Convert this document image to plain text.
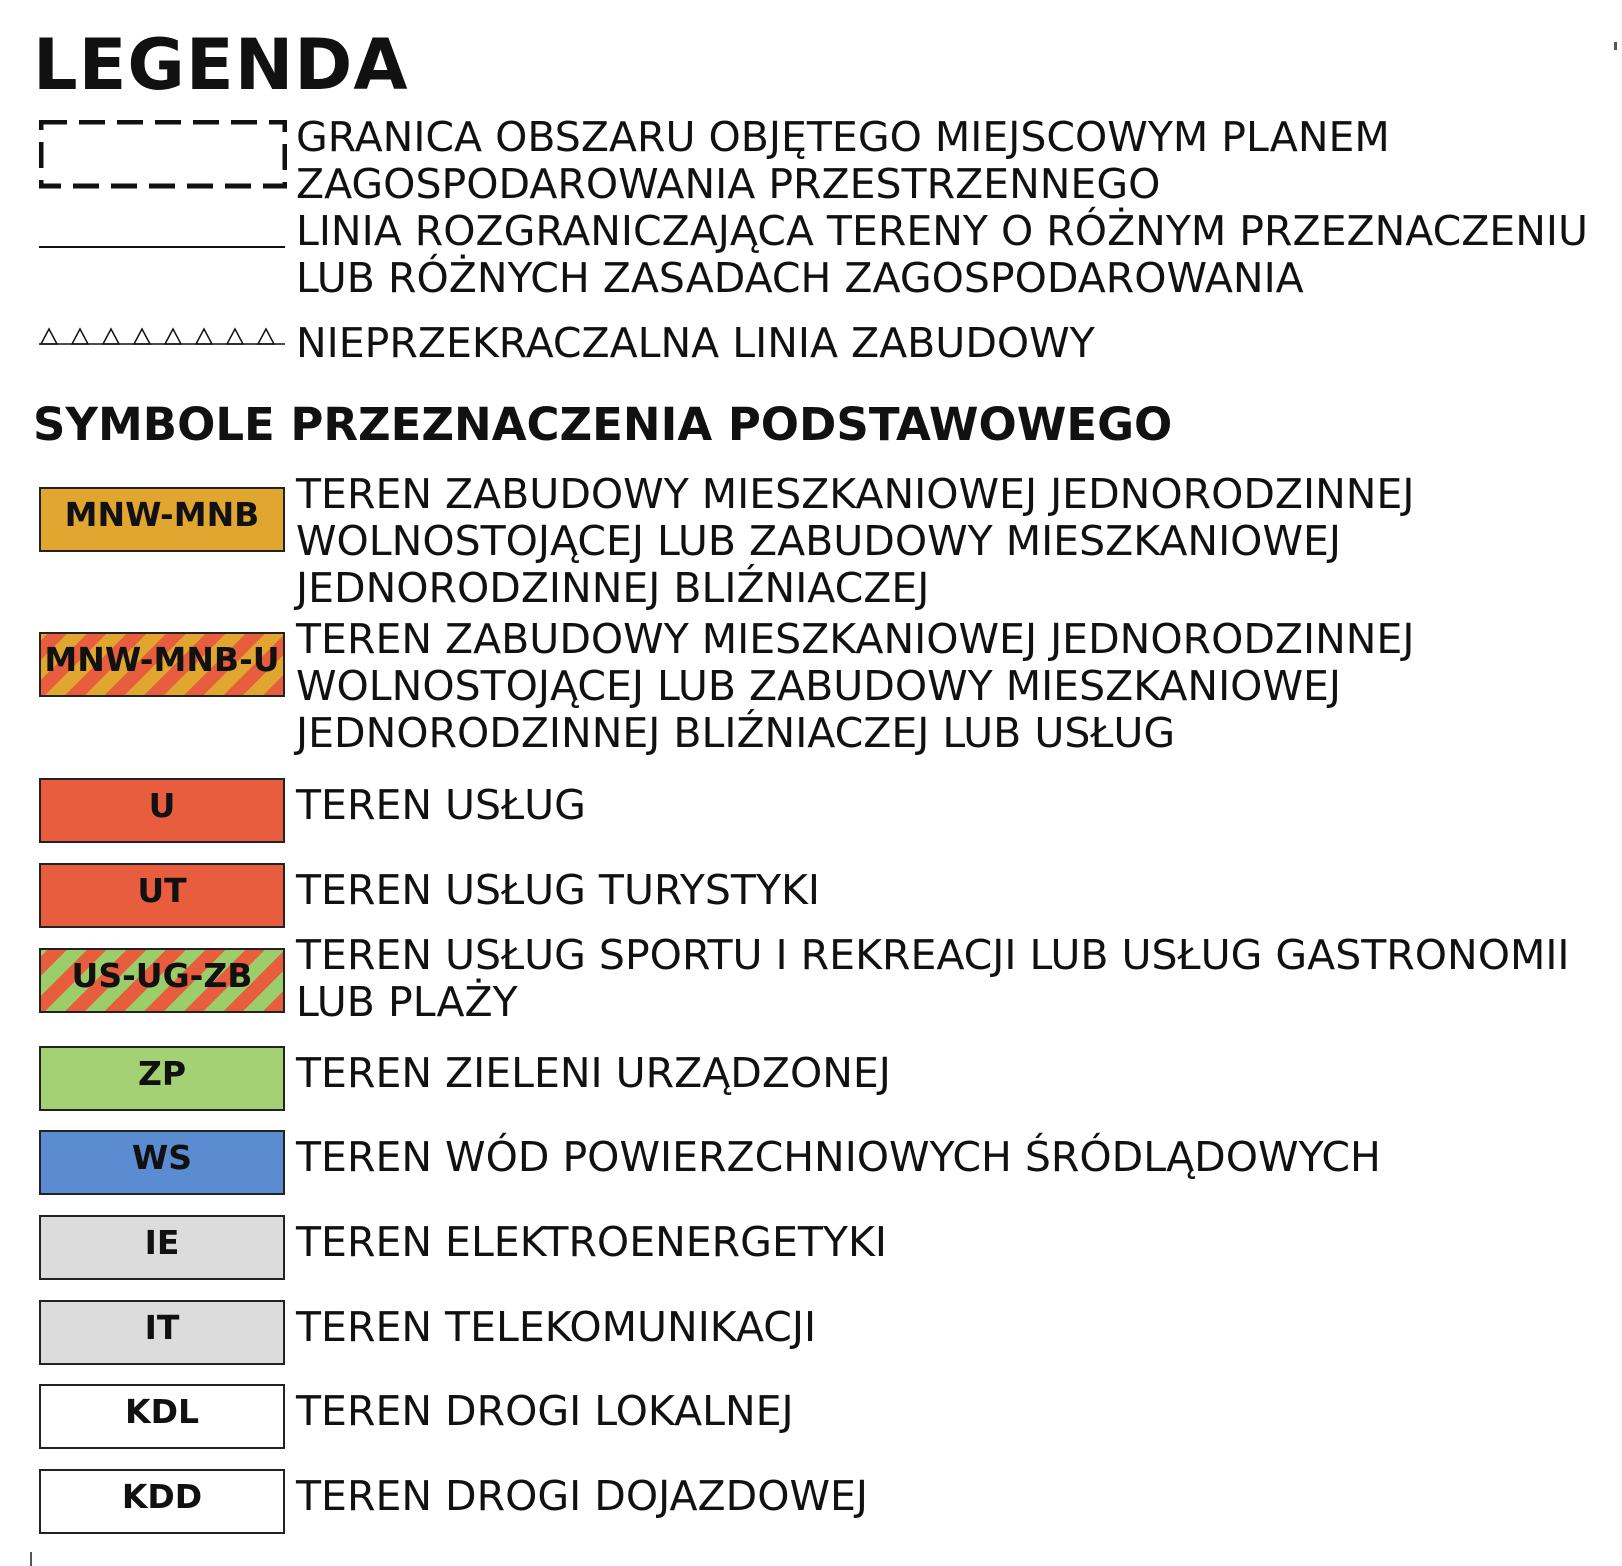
LEGENDA
GRANICA OBSZARU OBJĘTEGO MIEJSCOWYM PLANEM
ZAGOSPODAROWANIA PRZESTRZENNEGO
LINIA ROZGRANICZAJĄCA TERENY O RÓŻNYM PRZEZNACZENIU
LUB RÓŻNYCH ZASADACH ZAGOSPODAROWANIA
NIEPRZEKRACZALNA LINIA ZABUDOWY
SYMBOLE PRZEZNACZENIA PODSTAWOWEGO
MNW-MNB TEREN ZABUDOWY MIESZKANIOWEJ JEDNORODZINNEJ
WOLNOSTOJĄCEJ LUB ZABUDOWY MIESZKANIOWEJ
JEDNORODZINNEJ BLIŹNIACZEJ
MNW-MNB-U TEREN ZABUDOWY MIESZKANIOWEJ JEDNORODZINNEJ
WOLNOSTOJĄCEJ LUB ZABUDOWY MIESZKANIOWEJ
JEDNORODZINNEJ BLIŹNIACZEJ LUB USŁUG
U	TEREN USŁUG
UT	TEREN USŁUG TURYSTYKI
US-UG-ZB	TEREN USŁUG SPORTU I REKREACJI LUB USŁUG GASTRONOMII
LUB PLAŻY
ZP	TEREN ZIELENI URZĄDZONEJ
WS	TEREN WÓD POWIERZCHNIOWYCH ŚRÓDLĄDOWYCH
IE	TEREN ELEKTROENERGETYKI
IT	TEREN TELEKOMUNIKACJI
KDL	TEREN DROGI LOKALNEJ
KDD	TEREN DROGI DOJAZDOWEJ
